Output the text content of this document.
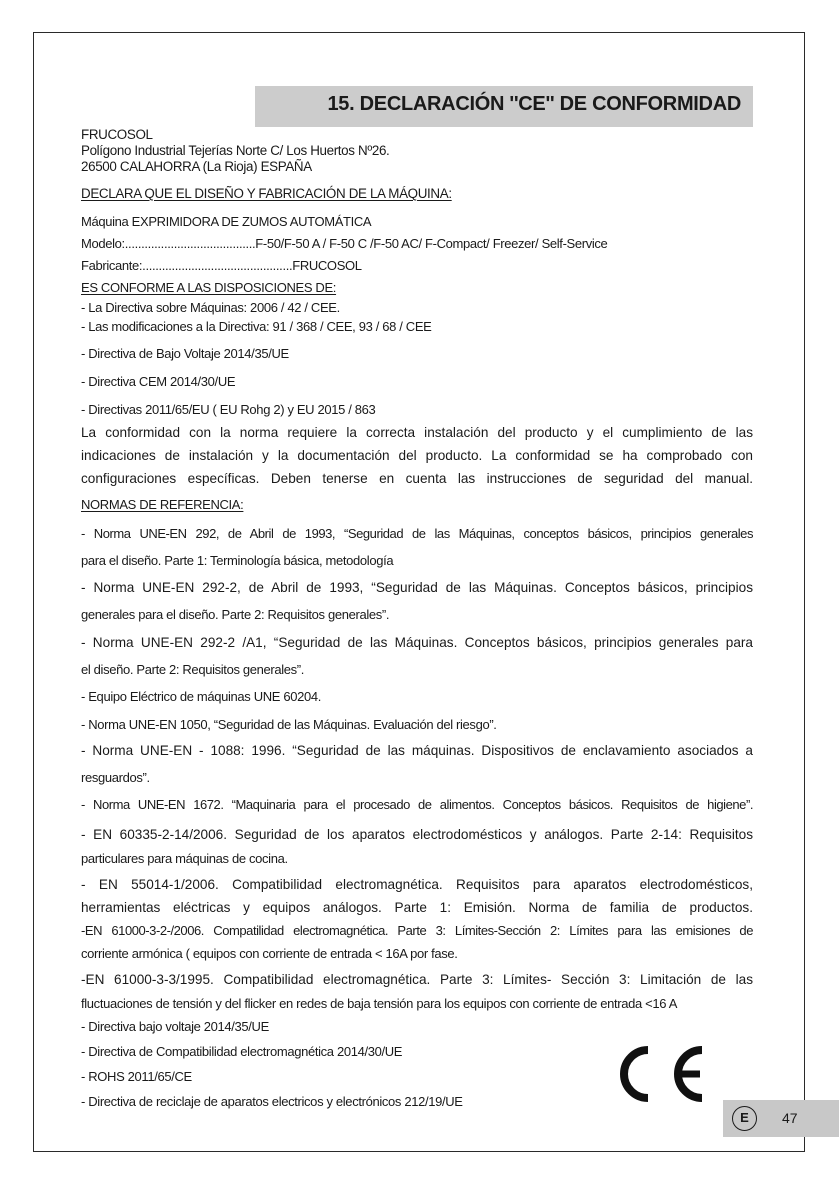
15. DECLARACIÓN ''CE'' DE CONFORMIDAD
FRUCOSOL
Polígono Industrial Tejerías Norte C/ Los Huertos Nº26.
26500 CALAHORRA (La Rioja) ESPAÑA
DECLARA QUE EL DISEÑO Y FABRICACIÓN DE LA MÁQUINA:
Máquina EXPRIMIDORA DE ZUMOS AUTOMÁTICA
Modelo:........................................F-50/F-50 A / F-50 C /F-50 AC/ F-Compact/ Freezer/ Self-Service
Fabricante:..............................................FRUCOSOL
ES CONFORME A LAS DISPOSICIONES DE:
- La Directiva sobre Máquinas: 2006 / 42 / CEE.
- Las modificaciones a la Directiva: 91 / 368 / CEE, 93 / 68 / CEE
- Directiva de Bajo Voltaje 2014/35/UE
- Directiva CEM 2014/30/UE
- Directivas 2011/65/EU ( EU Rohg 2) y EU 2015 / 863
La conformidad con la norma requiere la correcta instalación del producto y el cumplimiento de las
indicaciones de instalación y la documentación del producto. La conformidad se ha comprobado con
configuraciones específicas. Deben tenerse en cuenta las instrucciones de seguridad del manual.
NORMAS DE REFERENCIA:
- Norma UNE-EN 292, de Abril de 1993, “Seguridad de las Máquinas, conceptos básicos, principios generales
para el diseño. Parte 1: Terminología básica, metodología
- Norma UNE-EN 292-2, de Abril de 1993, “Seguridad de las Máquinas. Conceptos básicos, principios
generales para el diseño. Parte 2: Requisitos generales”.
- Norma UNE-EN 292-2 /A1, “Seguridad de las Máquinas. Conceptos básicos, principios generales para
el diseño. Parte 2: Requisitos generales”.
- Equipo Eléctrico de máquinas UNE 60204.
- Norma UNE-EN 1050, “Seguridad de las Máquinas. Evaluación del riesgo”.
- Norma UNE-EN - 1088: 1996. “Seguridad de las máquinas. Dispositivos de enclavamiento asociados a
resguardos”.
- Norma UNE-EN 1672. “Maquinaria para el procesado de alimentos. Conceptos básicos. Requisitos de higiene”.
- EN 60335-2-14/2006. Seguridad de los aparatos electrodomésticos y análogos. Parte 2-14: Requisitos
particulares para máquinas de cocina.
- EN 55014-1/2006. Compatibilidad electromagnética. Requisitos para aparatos electrodomésticos,
herramientas eléctricas y equipos análogos. Parte 1: Emisión. Norma de familia de productos.
-EN 61000-3-2-/2006. Compatilidad electromagnética. Parte 3: Límites-Sección 2: Límites para las emisiones de
corriente armónica ( equipos con corriente de entrada < 16A por fase.
-EN 61000-3-3/1995. Compatibilidad electromagnética. Parte 3: Límites- Sección 3: Limitación de las
fluctuaciones de tensión y del flicker en redes de baja tensión para los equipos con corriente de entrada <16 A
- Directiva bajo voltaje 2014/35/UE
- Directiva de Compatibilidad electromagnética 2014/30/UE
- ROHS 2011/65/CE
- Directiva de reciclaje de aparatos electricos y electrónicos 212/19/UE
E	47
